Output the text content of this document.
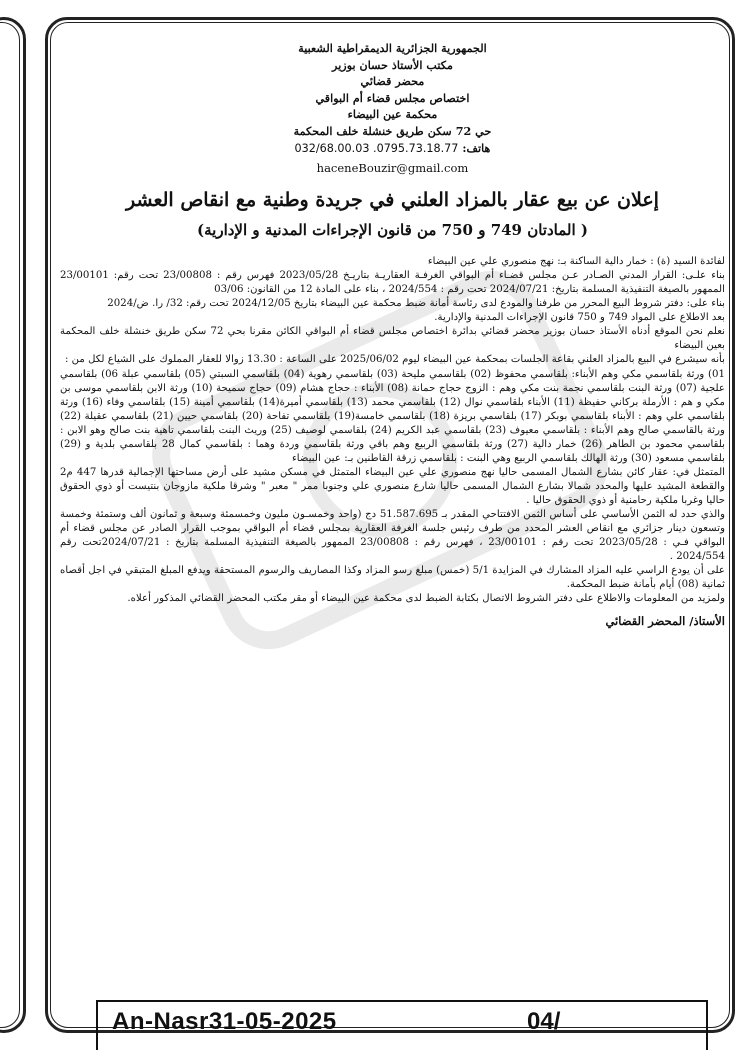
الجمهورية الجزائرية الديمقراطية الشعبية
مكتب الأستاذ حسان بوزير
محضر قضائي
اختصاص مجلس قضاء أم البواقي
محكمة عين البيضاء
حي 72 سكن طريق خنشلة خلف المحكمة
هاتف: 032/68.00.03 .0795.73.18.77
haceneBouzir@gmail.com
إعلان عن بيع عقار بالمزاد العلني في جريدة وطنية مع انقاص العشر
( المادتان 749 و 750 من قانون الإجراءات المدنية و الإدارية)

لفائدة السيد (ة) : خمار دالية الساكنة بـ: نهج منصوري علي عين البيضاء

بناء علـى: القرار المدني الصـادر عـن مجلس قضـاء أم البواقي الغرفـة العقاريـة بتاريـخ 2023/05/28 فهرس رقم : 23/00808 تحت رقم: 23/00101 الممهور بالصيغة التنفيذية المسلمة بتاريخ: 2024/07/21 تحت رقم : 2024/554 ، بناء على المادة 12 من القانون: 03/06

بناء على: دفتر شروط البيع المحرر من طرفنا والمودع لدى رئاسة أمانة ضبط محكمة عين البيضاء بتاريخ 2024/12/05 تحت رقم: 32/ را. ض/2024

بعد الاطلاع على المواد 749 و 750 قانون الإجراءات المدنية والإدارية.

نعلم نحن الموقع أدناه الأستاذ حسان بوزير محضر قضائي بدائرة اختصاص مجلس قضاء أم البواقي الكائن مقرنا بحي 72 سكن طريق خنشلة خلف المحكمة بعين البيضاء

بأنه سيشرع في البيع بالمزاد العلني بقاعة الجلسات بمحكمة عين البيضاء ليوم 2025/06/02 على الساعة : 13.30 زوالا للعقار المملوك على الشياع لكل من :

01) ورثة بلقاسمي مكي وهم الأبناء: بلقاسمي محفوظ (02) بلقاسمي مليحة (03) بلقاسمي رهوية (04) بلقاسمي السبتي (05) بلقاسمي عبلة 06) بلقاسمي علجية (07) ورثة البنت بلقاسمي نجمة بنت مكي وهم : الزوج حجاج حمانة (08) الأبناء : حجاج هشام (09) حجاج سميحة (10) ورثة الابن بلقاسمي موسى بن مكي و هم : الأرملة بركاني حفيظة (11) الأبناء بلقاسمي نوال (12) بلقاسمي محمد (13) بلقاسمي أميرة(14) بلقاسمي أمينة (15) بلقاسمي وفاء (16) ورثة بلقاسمي علي وهم : الأبناء بلقاسمي بوبكر (17) بلقاسمي بريزة (18) بلقاسمي خامسة(19) بلقاسمي تفاحة (20) بلقاسمي حيين (21) بلقاسمي عقيلة (22) ورثة بالقاسمي صالح وهم الأبناء : بلقاسمي معيوف (23) بلقاسمي عبد الكريم (24) بلقاسمي لوصيف (25) وريث البنت بلقاسمي تاهية بنت صالح وهو الابن : بلقاسمي محمود بن الطاهر (26) خمار دالية (27) ورثة بلقاسمي الربيع وهم باقي ورثة بلقاسمي وردة وهما : بلقاسمي كمال 28 بلقاسمي بلدية و (29) بلقاسمي مسعود (30) ورثة الهالك بلقاسمي الربيع وهي البنت : بلقاسمي زرقة القاطنين بـ: عين البيضاء

المتمثل في: عقار كائن بشارع الشمال المسمى حاليا نهج منصوري علي عين البيضاء المتمثل في مسكن مشيد على أرض مساحتها الإجمالية قدرها 447 م2 والقطعة المشيد عليها والمحدد شمالا بشارع الشمال المسمى حاليا شارع منصوري علي وجنوبا ممر " معبر " وشرقا ملكية مازوجان بنتيست أو ذوي الحقوق حاليا وغربا ملكية رحامنية أو ذوي الحقوق حاليا .

والذي حدد له الثمن الأساسي على أساس الثمن الافتتاحي المقدر بـ 51.587.695 دج (واحد وخمسـون مليون وخمسمئة وسبعة و ثمانون ألف وستمئة وخمسة وتسعون دينار جزائري مع انقاص العشر المحدد من طرف رئيس جلسة الغرفة العقارية بمجلس قضاء أم البواقي بموجب القرار الصادر عن مجلس قضاء أم البواقي فـي : 2023/05/28 تحت رقم : 23/00101 ، فهرس رقم : 23/00808 الممهور بالصيغة التنفيذية المسلمة بتاريخ : 2024/07/21تحت رقم 2024/554 .

على أن يودع الراسي عليه المزاد المشارك في المزايدة 5/1 (خمس) مبلغ رسو المزاد وكذا المصاريف والرسوم المستحقة ويدفع المبلغ المتبقي في اجل أقصاه ثمانية (08) أيام بأمانة ضبط المحكمة.

ولمزيد من المعلومات والاطلاع على دفتر الشروط الاتصال بكتابة الضبط لدى محكمة عين البيضاء أو مقر مكتب المحضر القضائي المذكور أعلاه.

الأستاذ/ المحضر القضائي
An-Nasr31-05-2025	04/
